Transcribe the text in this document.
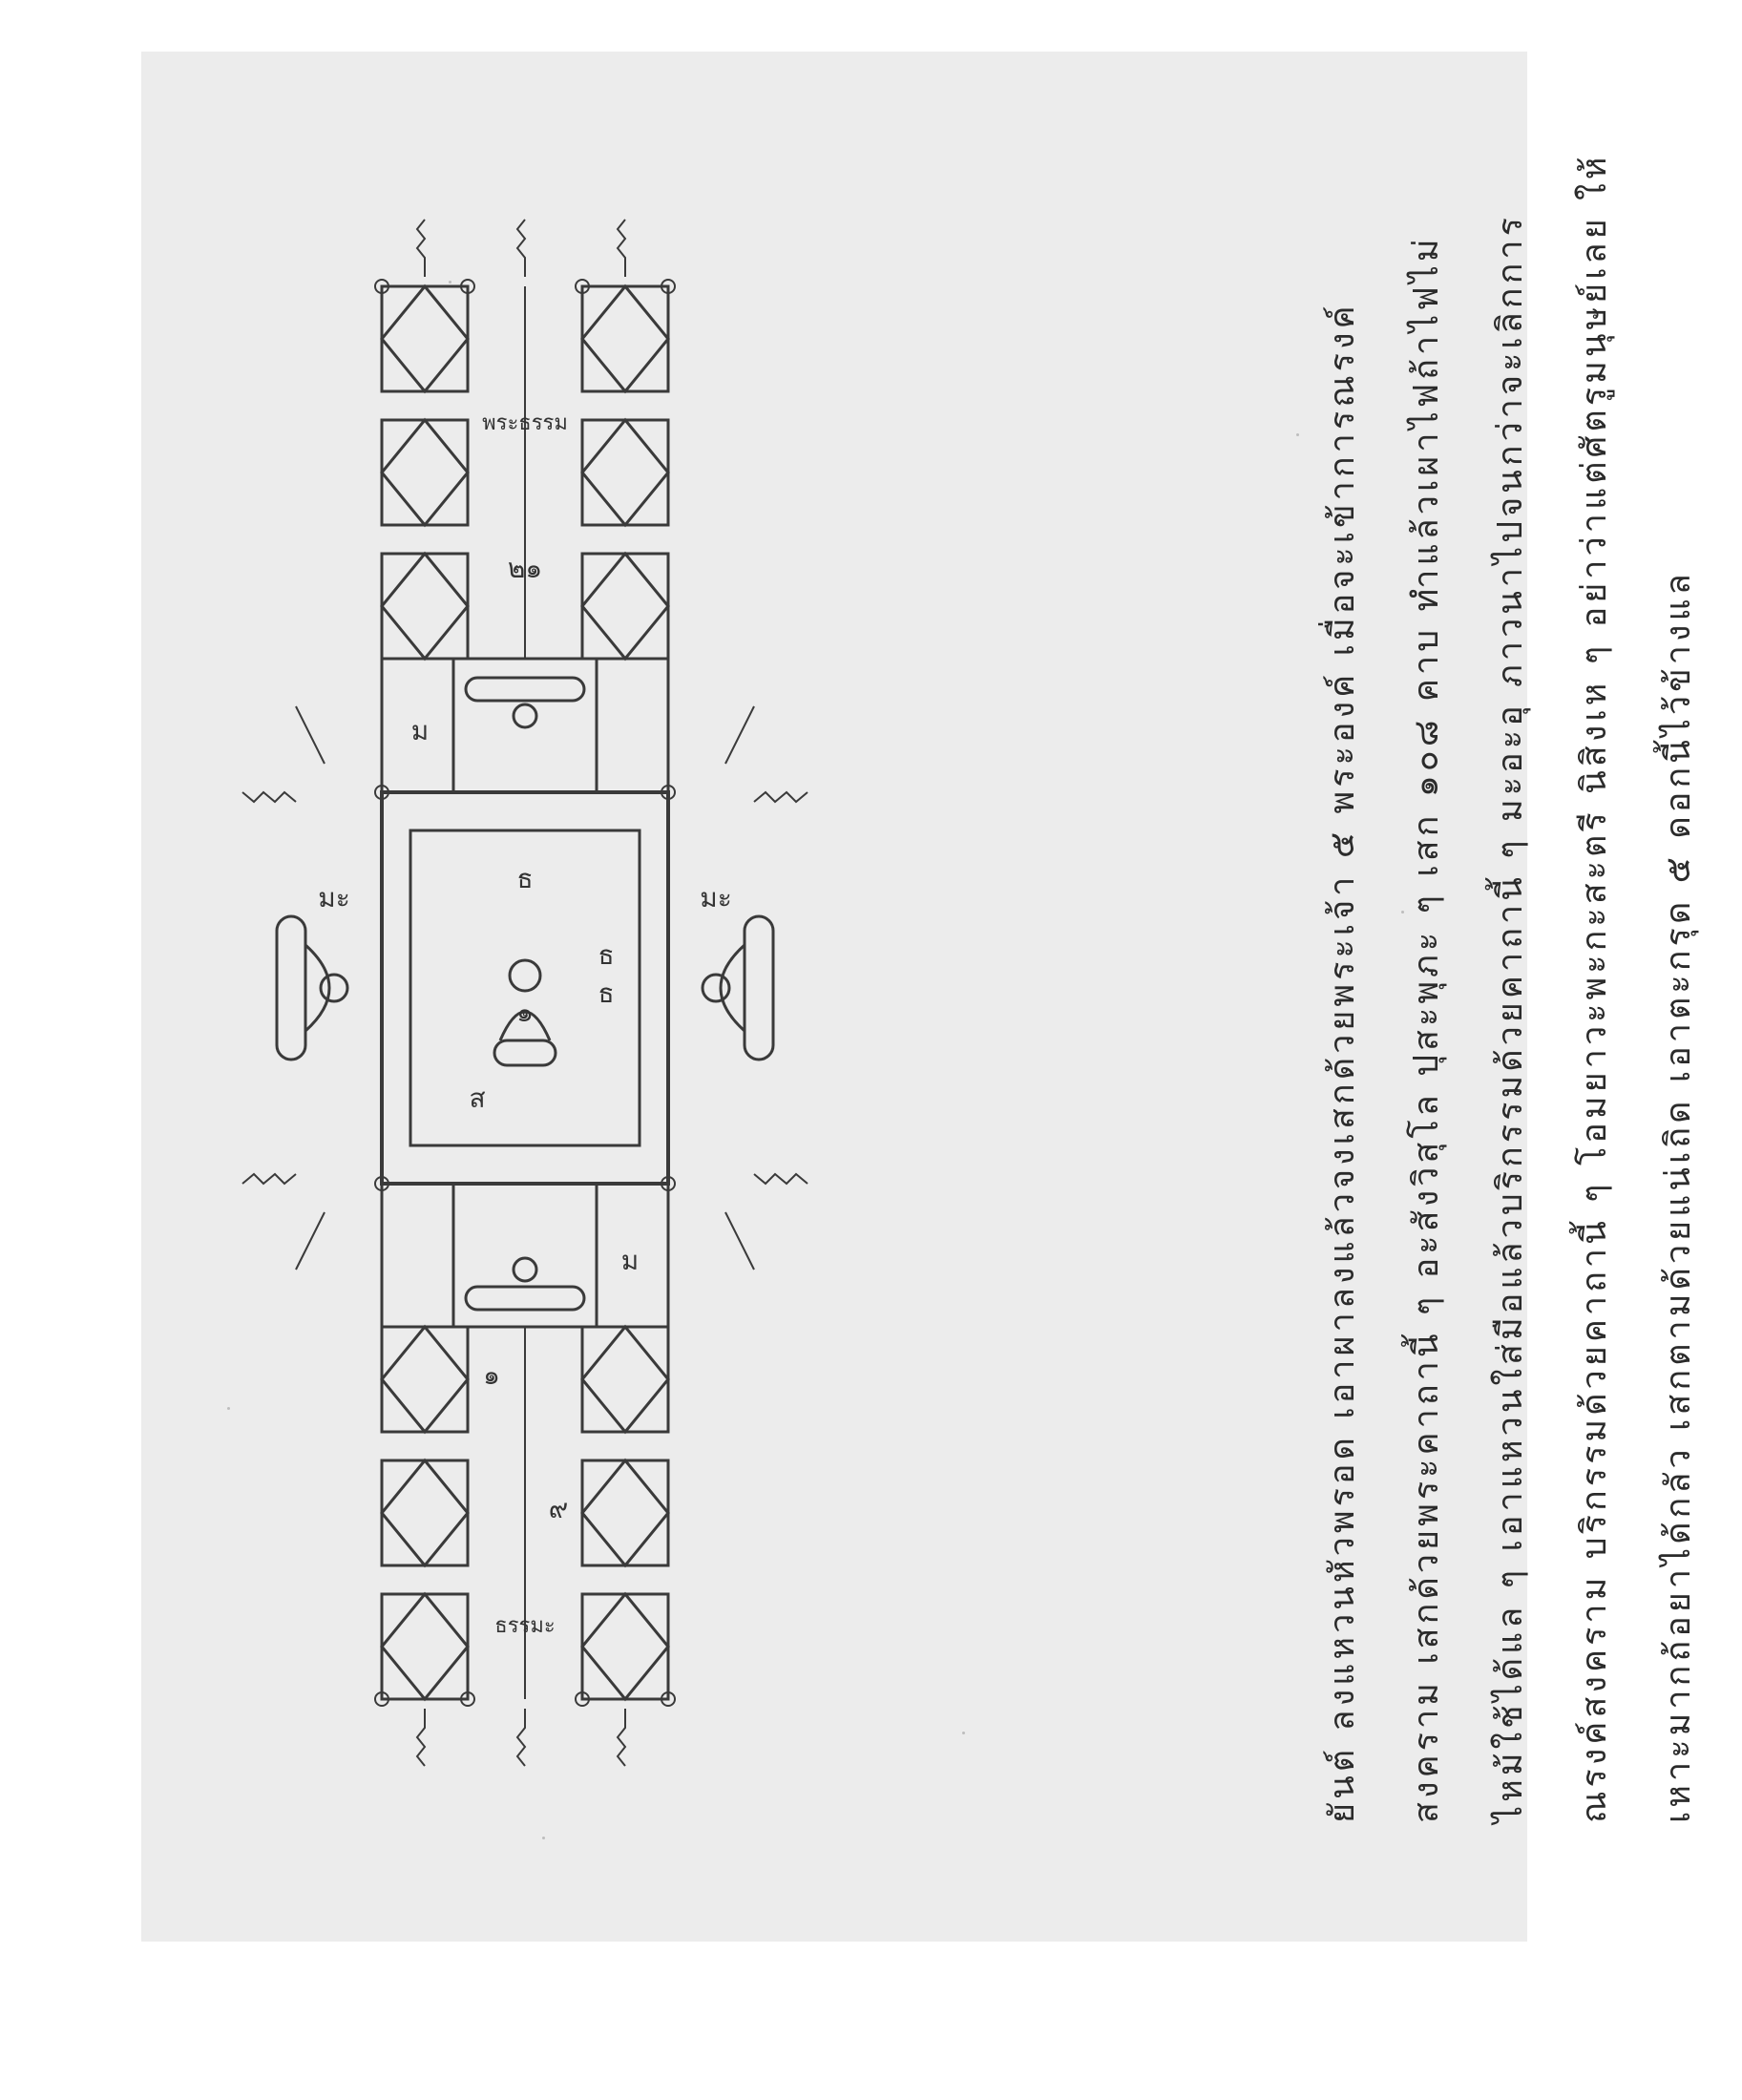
ธ
๑
ส
ธ
ธ
ม
ม
มะ	มะ
๒๑
๑
๙
ธรรมะ
พระธรรม	ยันต์ ลงแหวนหัวพรอด เอาผาลงแล้วจงเสกด้วยพระเจ้า ๕ พระองค์ เมื่อจะเข้าการณรงค์ สงคราม เสกด้วยพระคาถานี้ ๆ อะสังวิสุโล ปุสะพุภะ ๆ เสก ๑๐๘ คาบ ทำแล้วเผาไฟถ้าไฟไม่ ไหม้ใช้ได้แล ๆ เอาแหวนใส่มือแล้วบริกรรมด้วยคาถานี้ ๆ มะอะอุ ภาวนาไปจนกว่าจะเลิกการ ณรงค์สงคราม บริกรรมด้วยคาถานี้ ๆ โอมยาวะพะกะสะตรี นิสิงเห ๆ อย่าว่าแต่ศัตรูมนุษย์เลย ให้ เหาะมากถ้อยาได้กลัว เสกตามด้วยแน่เถิด เอาตะกรุด ๕ ดอกนี้ไว้ข้างแล
